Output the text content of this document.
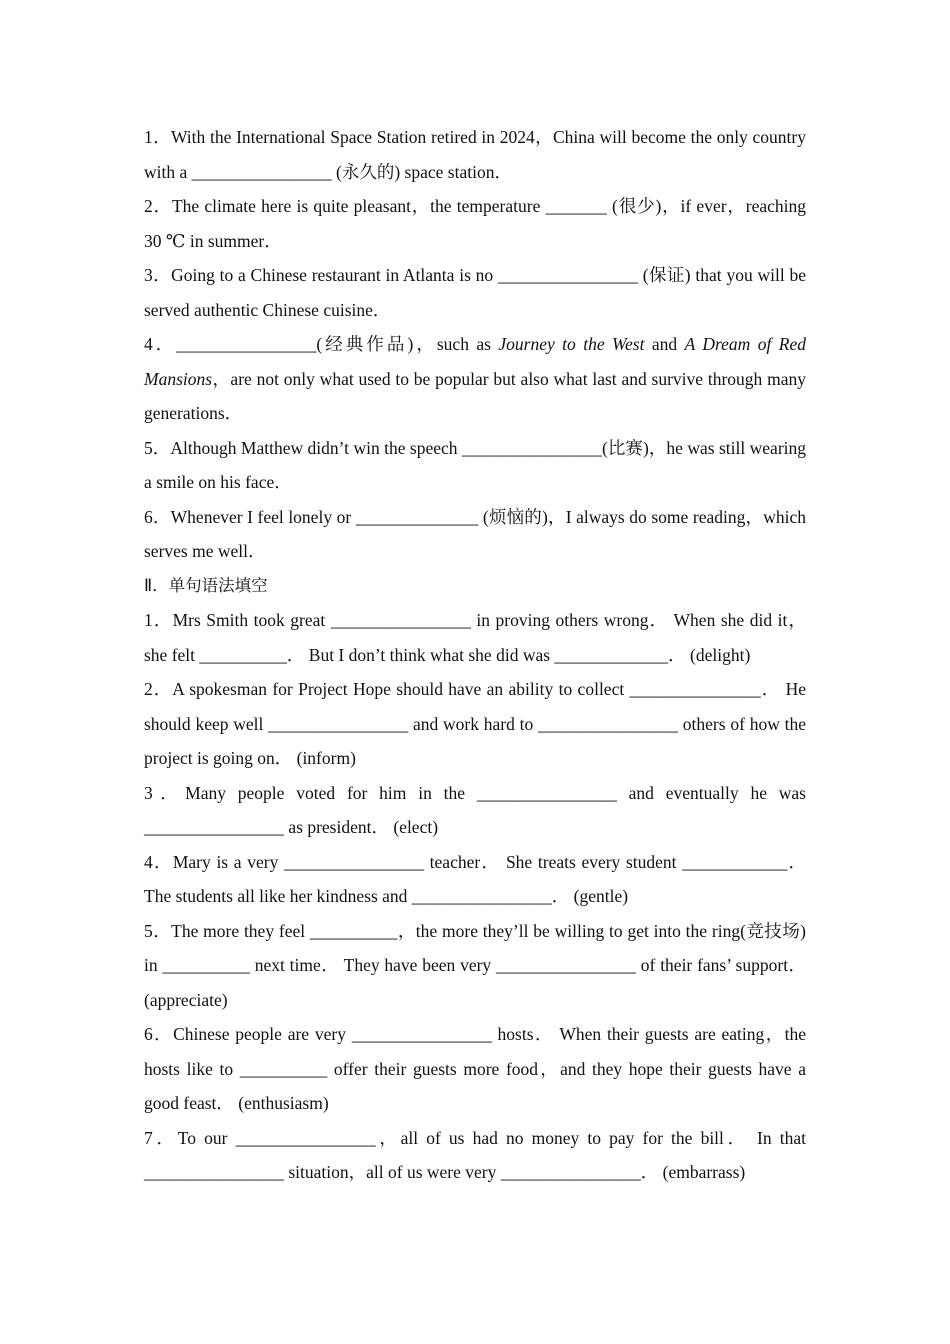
1．With the International Space Station retired in 2024，China will become the only country with a ________________ (永久的) space station．

2．The climate here is quite pleasant，the temperature _______ (很少)，if ever，reaching 30 ℃ in summer．

3．Going to a Chinese restaurant in Atlanta is no ________________ (保证) that you will be served authentic Chinese cuisine．

4．________________(经典作品)，such as Journey to the West and A Dream of Red Mansions，are not only what used to be popular but also what last and survive through many generations．

5．Although Matthew didn’t win the speech ________________(比赛)，he was still wearing a smile on his face．

6．Whenever I feel lonely or ______________ (烦恼的)，I always do some reading，which serves me well．

Ⅱ．单句语法填空

1．Mrs Smith took great ________________ in proving others wrong． When she did it，she felt __________． But I don’t think what she did was _____________． (delight)

2．A spokesman for Project Hope should have an ability to collect _______________． He should keep well ________________ and work hard to ________________ others of how the project is going on． (inform)

3．Many people voted for him in the ________________ and eventually he was ________________ as president． (elect)

4．Mary is a very ________________ teacher． She treats every student ____________． The students all like her kindness and ________________． (gentle)

5．The more they feel __________，the more they’ll be willing to get into the ring(竞技场) in __________ next time． They have been very ________________ of their fans’ support． (appreciate)

6．Chinese people are very ________________ hosts． When their guests are eating，the hosts like to __________ offer their guests more food，and they hope their guests have a good feast． (enthusiasm)

7．To our ________________，all of us had no money to pay for the bill． In that ________________ situation，all of us were very ________________． (embarrass)
